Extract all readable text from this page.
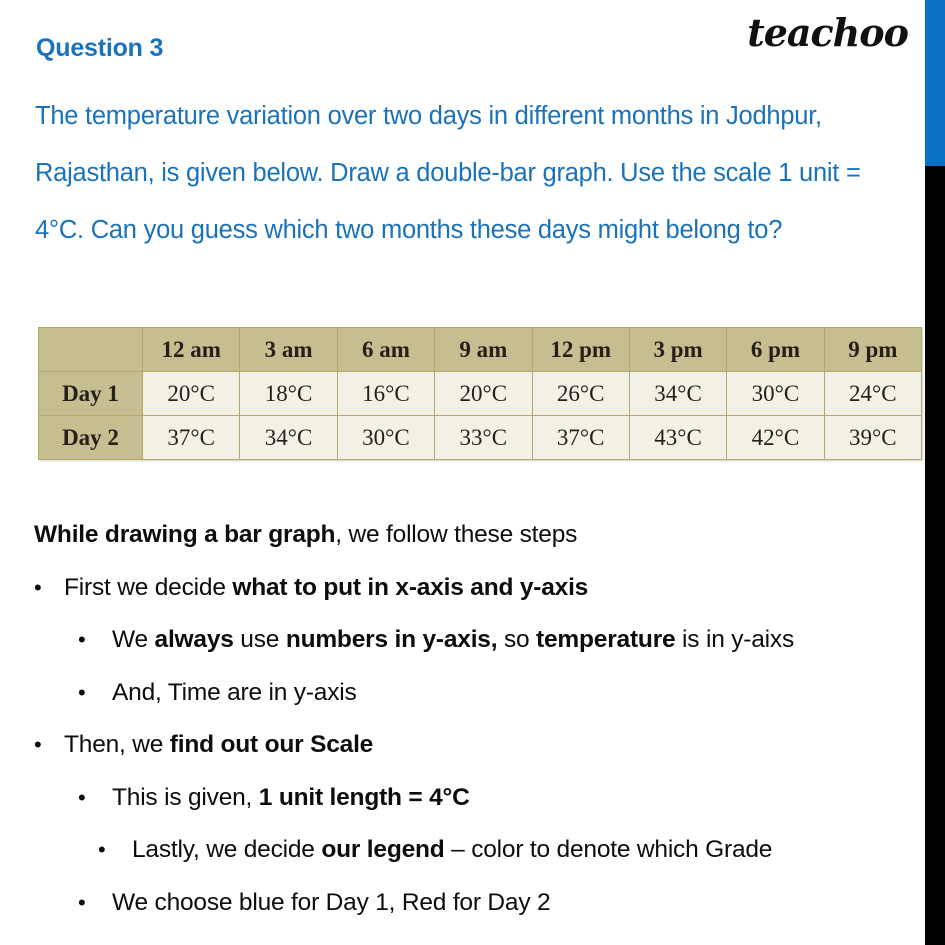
teachoo
Question 3
The temperature variation over two days in different months in Jodhpur, Rajasthan, is given below. Draw a double-bar graph. Use the scale 1 unit = 4°C. Can you guess which two months these days might belong to?
	12 am	3 am	6 am	9 am	12 pm	3 pm	6 pm	9 pm
Day 1	20°C	18°C	16°C	20°C	26°C	34°C	30°C	24°C
Day 2	37°C	34°C	30°C	33°C	37°C	43°C	42°C	39°C
While drawing a bar graph, we follow these steps
• First we decide what to put in x-axis and y-axis
• We always use numbers in y-axis, so temperature is in y-aixs
• And, Time are in y-axis
• Then, we find out our Scale
• This is given, 1 unit length = 4°C
• Lastly, we decide our legend – color to denote which Grade
• We choose blue for Day 1, Red for Day 2
